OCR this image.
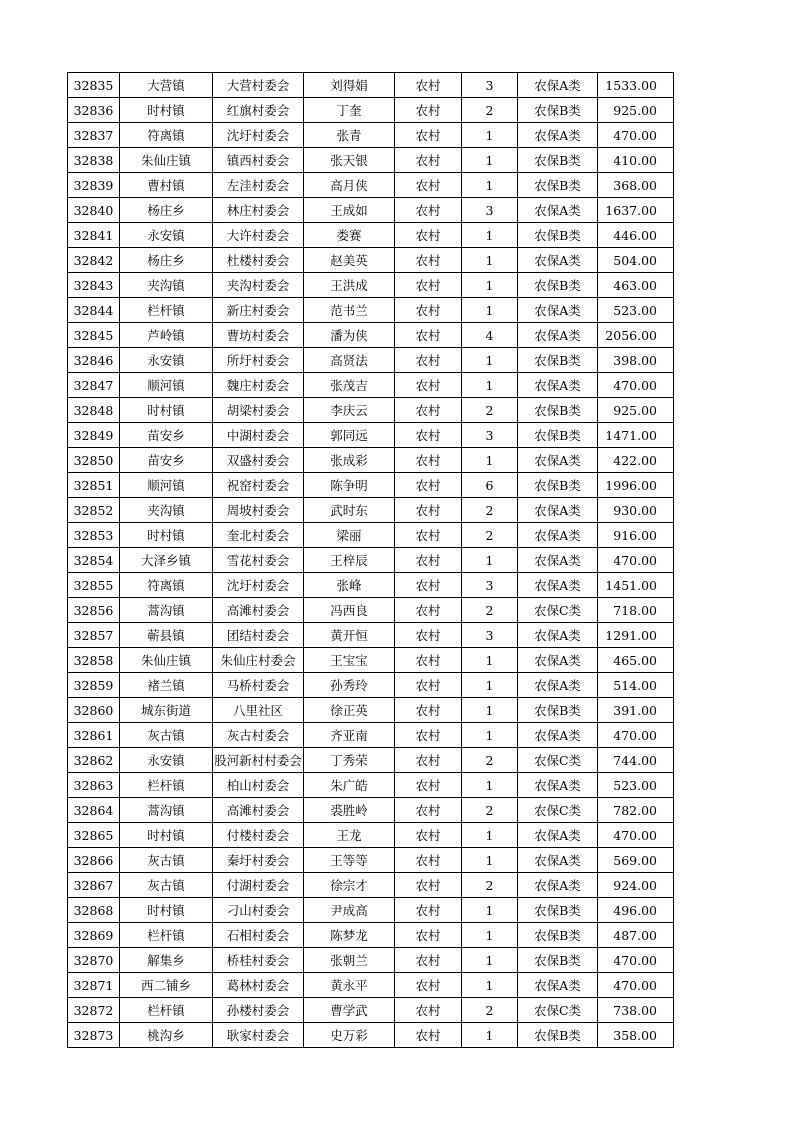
32835	大营镇	大营村委会	刘得娟	农村	3	农保A类	1533.00
32836	时村镇	红旗村委会	丁奎	农村	2	农保B类	925.00
32837	符离镇	沈圩村委会	张青	农村	1	农保A类	470.00
32838	朱仙庄镇	镇西村委会	张天银	农村	1	农保B类	410.00
32839	曹村镇	左洼村委会	高月侠	农村	1	农保B类	368.00
32840	杨庄乡	林庄村委会	王成如	农村	3	农保A类	1637.00
32841	永安镇	大许村委会	娄赛	农村	1	农保B类	446.00
32842	杨庄乡	杜楼村委会	赵美英	农村	1	农保A类	504.00
32843	夹沟镇	夹沟村委会	王洪成	农村	1	农保B类	463.00
32844	栏杆镇	新庄村委会	范书兰	农村	1	农保A类	523.00
32845	芦岭镇	曹坊村委会	潘为侠	农村	4	农保A类	2056.00
32846	永安镇	所圩村委会	高贤法	农村	1	农保B类	398.00
32847	顺河镇	魏庄村委会	张茂吉	农村	1	农保A类	470.00
32848	时村镇	胡梁村委会	李庆云	农村	2	农保B类	925.00
32849	苗安乡	中湖村委会	郭同远	农村	3	农保B类	1471.00
32850	苗安乡	双盛村委会	张成彩	农村	1	农保A类	422.00
32851	顺河镇	祝窑村委会	陈争明	农村	6	农保B类	1996.00
32852	夹沟镇	周坡村委会	武时东	农村	2	农保A类	930.00
32853	时村镇	奎北村委会	梁丽	农村	2	农保A类	916.00
32854	大泽乡镇	雪花村委会	王梓辰	农村	1	农保A类	470.00
32855	符离镇	沈圩村委会	张峰	农村	3	农保A类	1451.00
32856	蒿沟镇	高滩村委会	冯西良	农村	2	农保C类	718.00
32857	蕲县镇	团结村委会	黄开恒	农村	3	农保A类	1291.00
32858	朱仙庄镇	朱仙庄村委会	王宝宝	农村	1	农保A类	465.00
32859	褚兰镇	马桥村委会	孙秀玲	农村	1	农保A类	514.00
32860	城东街道	八里社区	徐正英	农村	1	农保B类	391.00
32861	灰古镇	灰古村委会	齐亚南	农村	1	农保A类	470.00
32862	永安镇	股河新村村委会	丁秀荣	农村	2	农保C类	744.00
32863	栏杆镇	柏山村委会	朱广皓	农村	1	农保A类	523.00
32864	蒿沟镇	高滩村委会	裘胜岭	农村	2	农保C类	782.00
32865	时村镇	付楼村委会	王龙	农村	1	农保A类	470.00
32866	灰古镇	秦圩村委会	王等等	农村	1	农保A类	569.00
32867	灰古镇	付湖村委会	徐宗才	农村	2	农保A类	924.00
32868	时村镇	刁山村委会	尹成高	农村	1	农保B类	496.00
32869	栏杆镇	石相村委会	陈梦龙	农村	1	农保B类	487.00
32870	解集乡	桥桂村委会	张朝兰	农村	1	农保B类	470.00
32871	西二铺乡	葛林村委会	黄永平	农村	1	农保A类	470.00
32872	栏杆镇	孙楼村委会	曹学武	农村	2	农保C类	738.00
32873	桃沟乡	耿家村委会	史万彩	农村	1	农保B类	358.00
